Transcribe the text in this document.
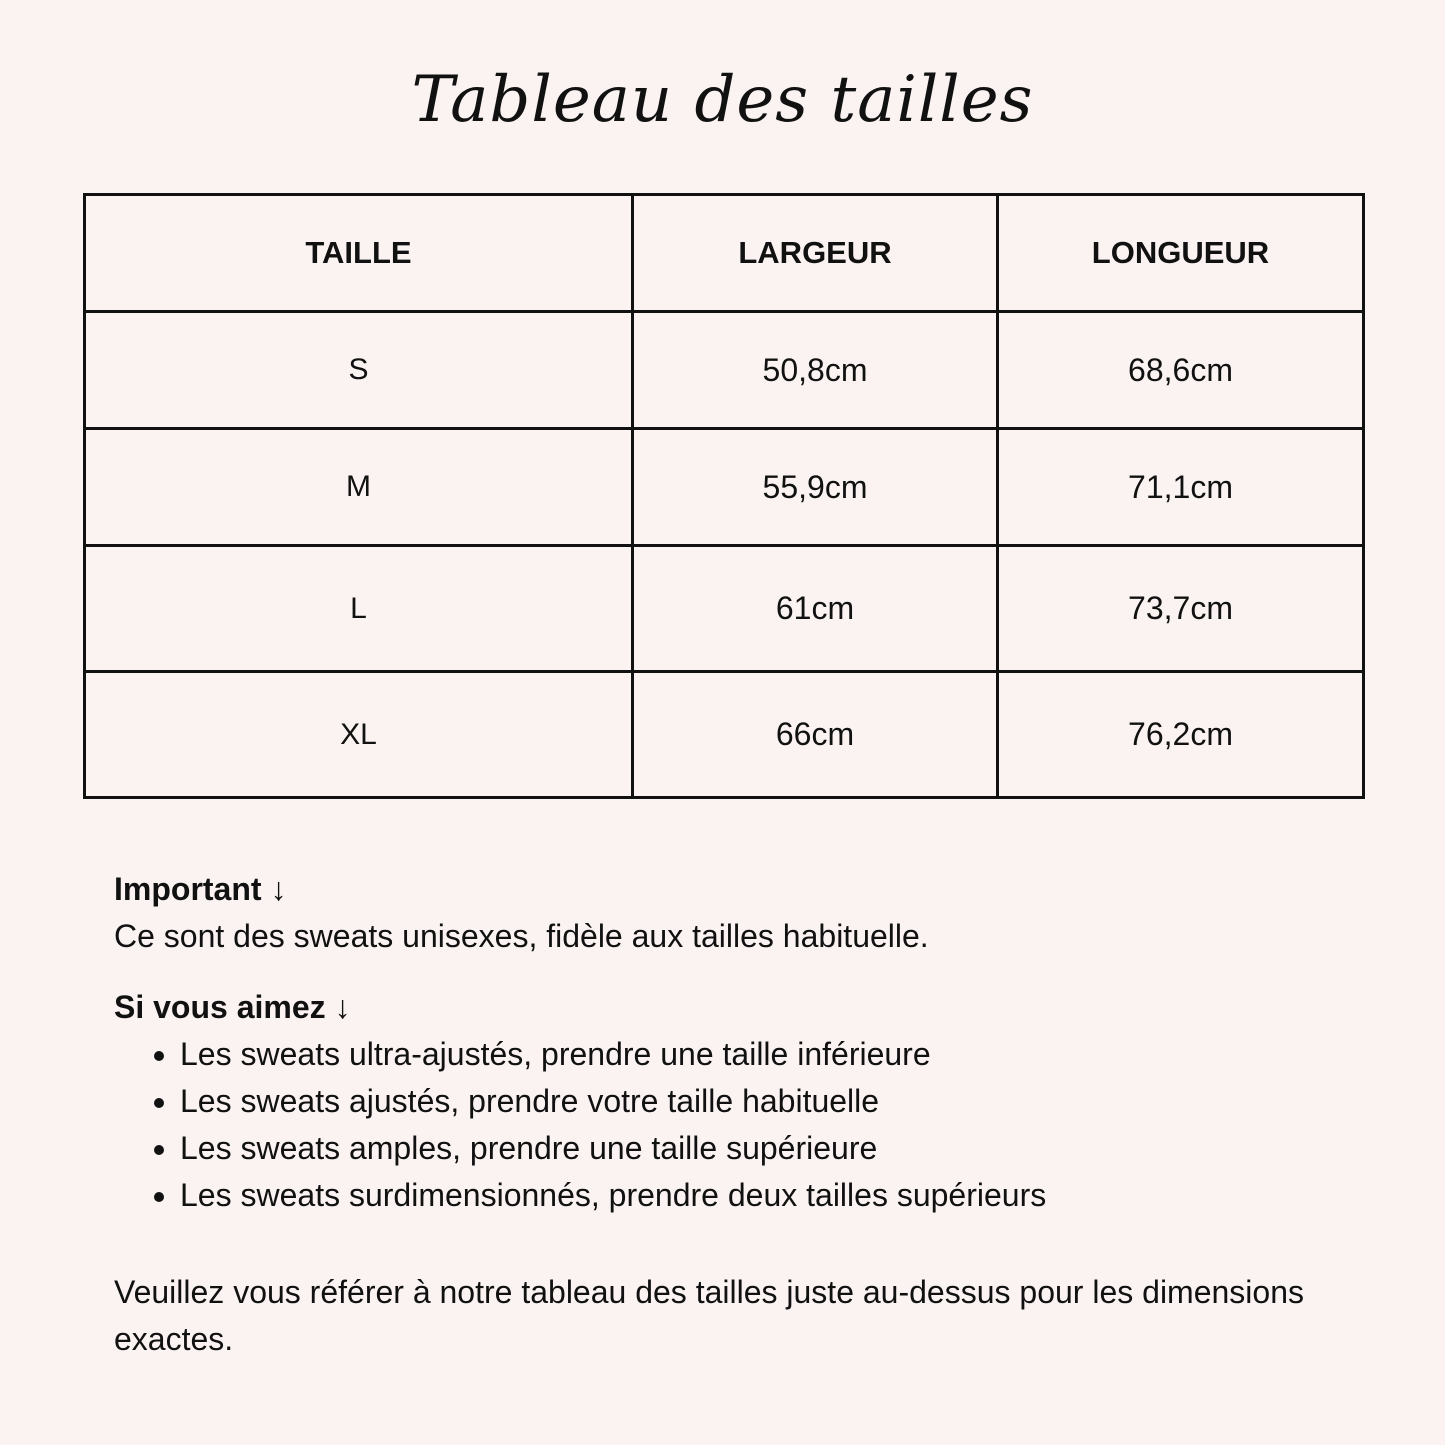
Tableau des tailles
TAILLE	LARGEUR	LONGUEUR
S	50,8cm	68,6cm
M	55,9cm	71,1cm
L	61cm	73,7cm
XL	66cm	76,2cm
Important ↓
Ce sont des sweats unisexes, fidèle aux tailles habituelle.
Si vous aimez ↓
• Les sweats ultra-ajustés, prendre une taille inférieure
• Les sweats ajustés, prendre votre taille habituelle
• Les sweats amples, prendre une taille supérieure
• Les sweats surdimensionnés, prendre deux tailles supérieurs
Veuillez vous référer à notre tableau des tailles juste au-dessus pour les dimensions exactes.
